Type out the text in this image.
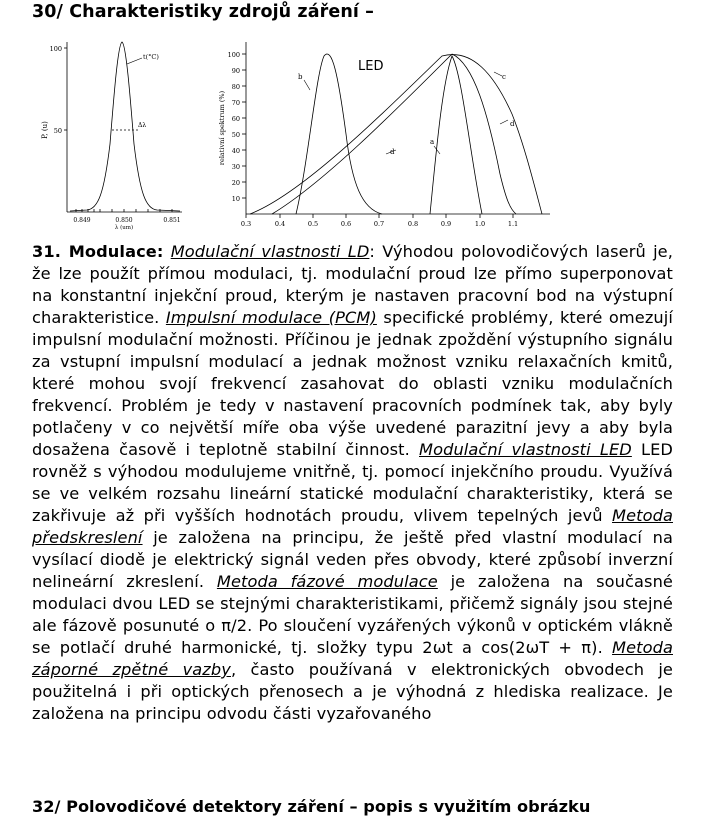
30/ Charakteristiky zdrojů záření –
P, (u)
100
50
0.849	0.850	0.851
λ (um)
t(°C)
Δλ	relativní spektrum (%)
100
90
80
70
60
50
40
30
20
10
0.3	0.4	0.5	0.6	0.7	0.8	0.9	1.0	1.1
LED
b	c
d
d
a

31. Modulace: Modulační vlastnosti LD: Výhodou polovodičových laserů je, že lze použít přímou modulaci, tj. modulační proud lze přímo superponovat na konstantní injekční proud, kterým je nastaven pracovní bod na výstupní charakteristice. Impulsní modulace (PCM) specifické problémy, které omezují impulsní modulační možnosti. Příčinou je jednak zpoždění výstupního signálu za vstupní impulsní modulací a jednak možnost vzniku relaxačních kmitů, které mohou svojí frekvencí zasahovat do oblasti vzniku modulačních frekvencí. Problém je tedy v nastavení pracovních podmínek tak, aby byly potlačeny v co největší míře oba výše uvedené parazitní jevy a aby byla dosažena časově i teplotně stabilní činnost. Modulační vlastnosti LED LED rovněž s výhodou modulujeme vnitřně, tj. pomocí injekčního proudu. Využívá se ve velkém rozsahu lineární statické modulační charakteristiky, která se zakřivuje až při vyšších hodnotách proudu, vlivem tepelných jevů Metoda předskreslení je založena na principu, že ještě před vlastní modulací na vysílací diodě je elektrický signál veden přes obvody, které způsobí inverzní nelineární zkreslení. Metoda fázové modulace je založena na současné modulaci dvou LED se stejnými charakteristikami, přičemž signály jsou stejné ale fázově posunuté o π/2. Po sloučení vyzářených výkonů v optickém vlákně se potlačí druhé harmonické, tj. složky typu 2ωt a cos(2ωT + π). Metoda záporné zpětné vazby, často používaná v elektronických obvodech je použitelná i při optických přenosech a je výhodná z hlediska realizace. Je založena na principu odvodu části vyzařovaného

32/ Polovodičové detektory záření – popis s využitím obrázku
